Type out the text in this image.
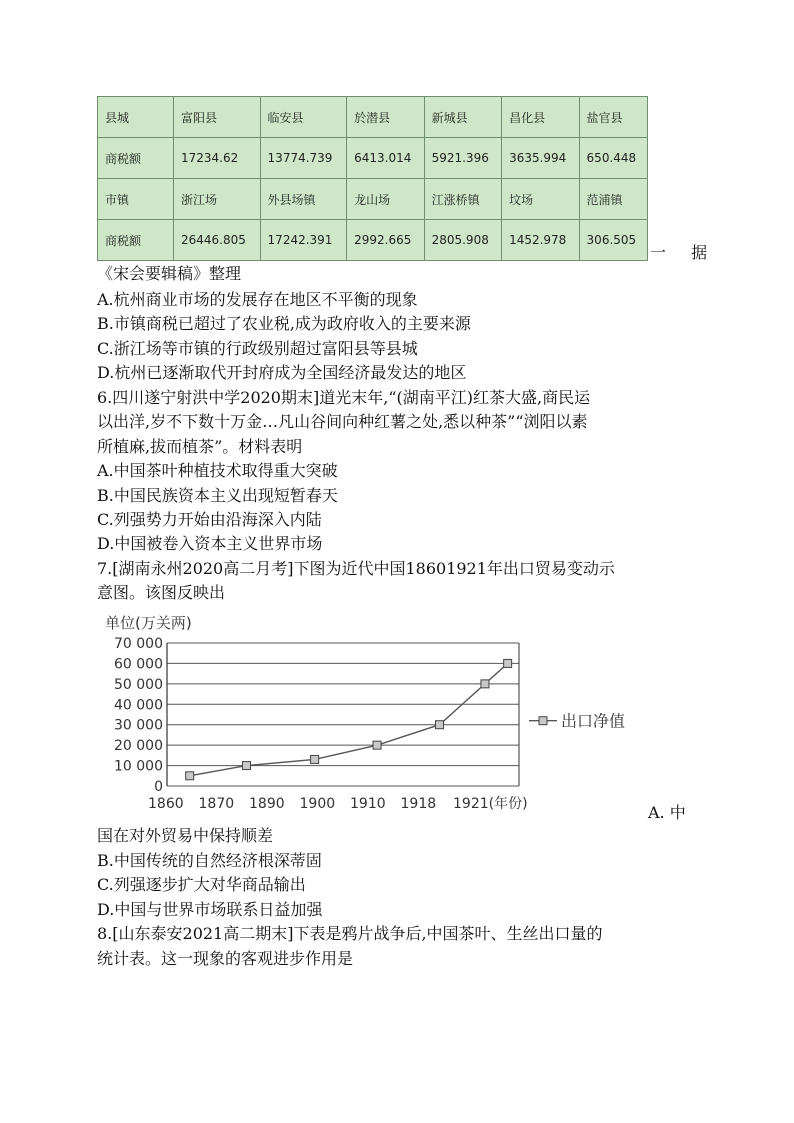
县城	富阳县	临安县	於潜县	新城县	昌化县	盐官县
商税额	17234.62	13774.739	6413.014	5921.396	3635.994	650.448
市镇	浙江场	外县场镇	龙山场	江涨桥镇	坟场	范浦镇
商税额	26446.805	17242.391	2992.665	2805.908	1452.978	306.505
一 据
《宋会要辑稿》整理
A.杭州商业市场的发展存在地区不平衡的现象
B.市镇商税已超过了农业税,成为政府收入的主要来源
C.浙江场等市镇的行政级别超过富阳县等县城
D.杭州已逐渐取代开封府成为全国经济最发达的地区
6.四川遂宁射洪中学2020期末]道光末年,“(湖南平江)红茶大盛,商民运
以出洋,岁不下数十万金…凡山谷间向种红薯之处,悉以种茶”“浏阳以素
所植麻,拔而植茶”。材料表明
A.中国茶叶种植技术取得重大突破
B.中国民族资本主义出现短暂春天
C.列强势力开始由沿海深入内陆
D.中国被卷入资本主义世界市场
7.[湖南永州2020高二月考]下图为近代中国18601921年出口贸易变动示
意图。该图反映出
单位(万关两)
0
10 000
20 000
30 000
40 000
50 000
60 000
70 000
1860 1870 1890 1900 1910 1918 1921(年份)
出口净值
A. 中
国在对外贸易中保持顺差
B.中国传统的自然经济根深蒂固
C.列强逐步扩大对华商品输出
D.中国与世界市场联系日益加强
8.[山东泰安2021高二期末]下表是鸦片战争后,中国茶叶、生丝出口量的
统计表。这一现象的客观进步作用是
